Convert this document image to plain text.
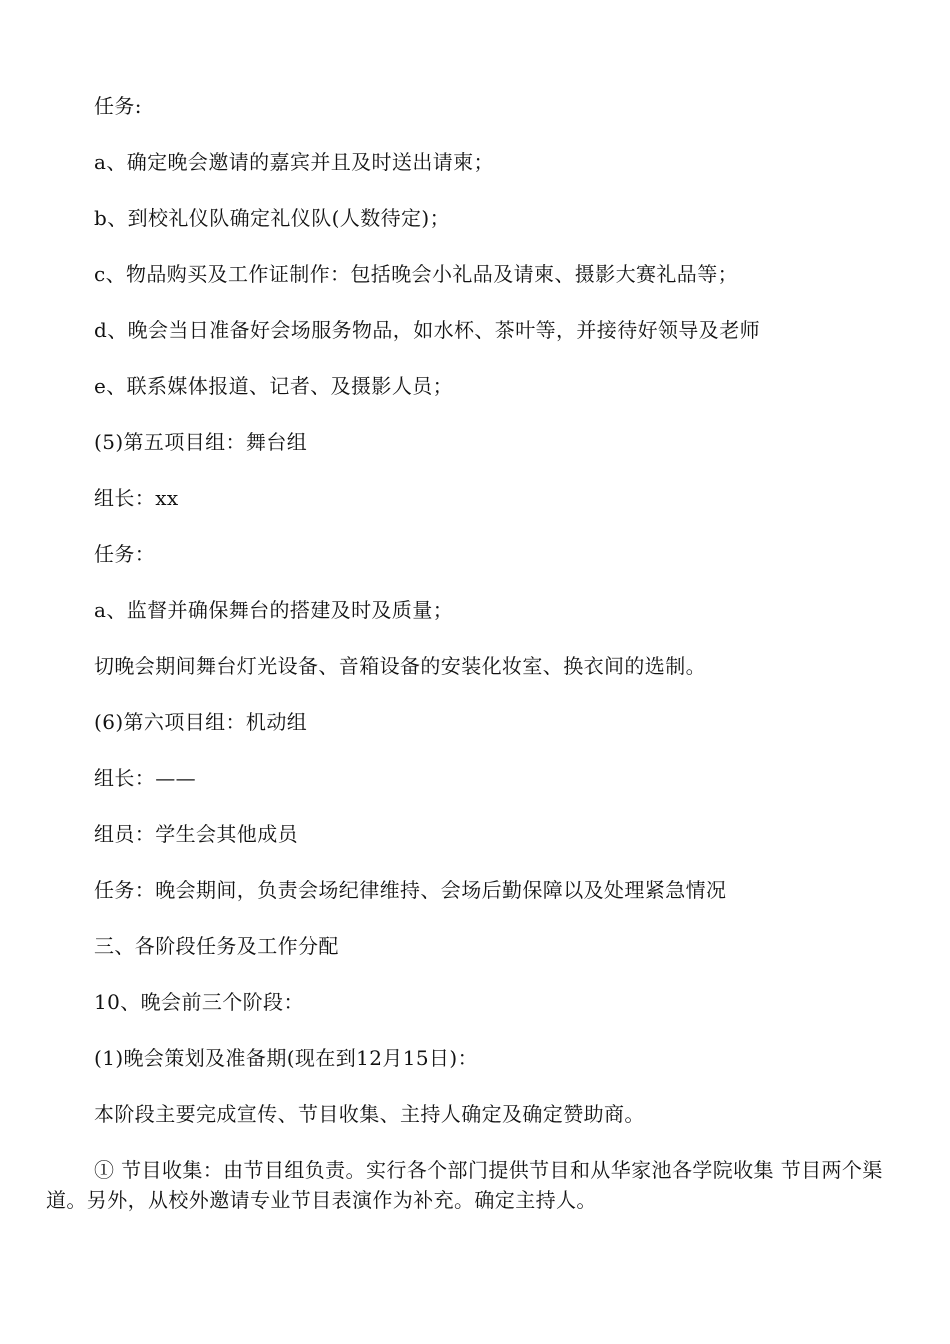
任务:
a、确定晚会邀请的嘉宾并且及时送出请柬；
b、到校礼仪队确定礼仪队(人数待定)；
c、物品购买及工作证制作：包括晚会小礼品及请柬、摄影大赛礼品等；
d、晚会当日准备好会场服务物品，如水杯、茶叶等，并接待好领导及老师
e、联系媒体报道、记者、及摄影人员；
(5)第五项目组：舞台组
组长：xx
任务：
a、监督并确保舞台的搭建及时及质量；
切晚会期间舞台灯光设备、音箱设备的安装化妆室、换衣间的选制。
(6)第六项目组：机动组
组长：——
组员：学生会其他成员
任务：晚会期间，负责会场纪律维持、会场后勤保障以及处理紧急情况
三、各阶段任务及工作分配
10、晚会前三个阶段：
(1)晚会策划及准备期(现在到12月15日)：
本阶段主要完成宣传、节目收集、主持人确定及确定赞助商。
① 节目收集：由节目组负责。实行各个部门提供节目和从华家池各学院收集 节目两个渠道。另外，从校外邀请专业节目表演作为补充。确定主持人。
